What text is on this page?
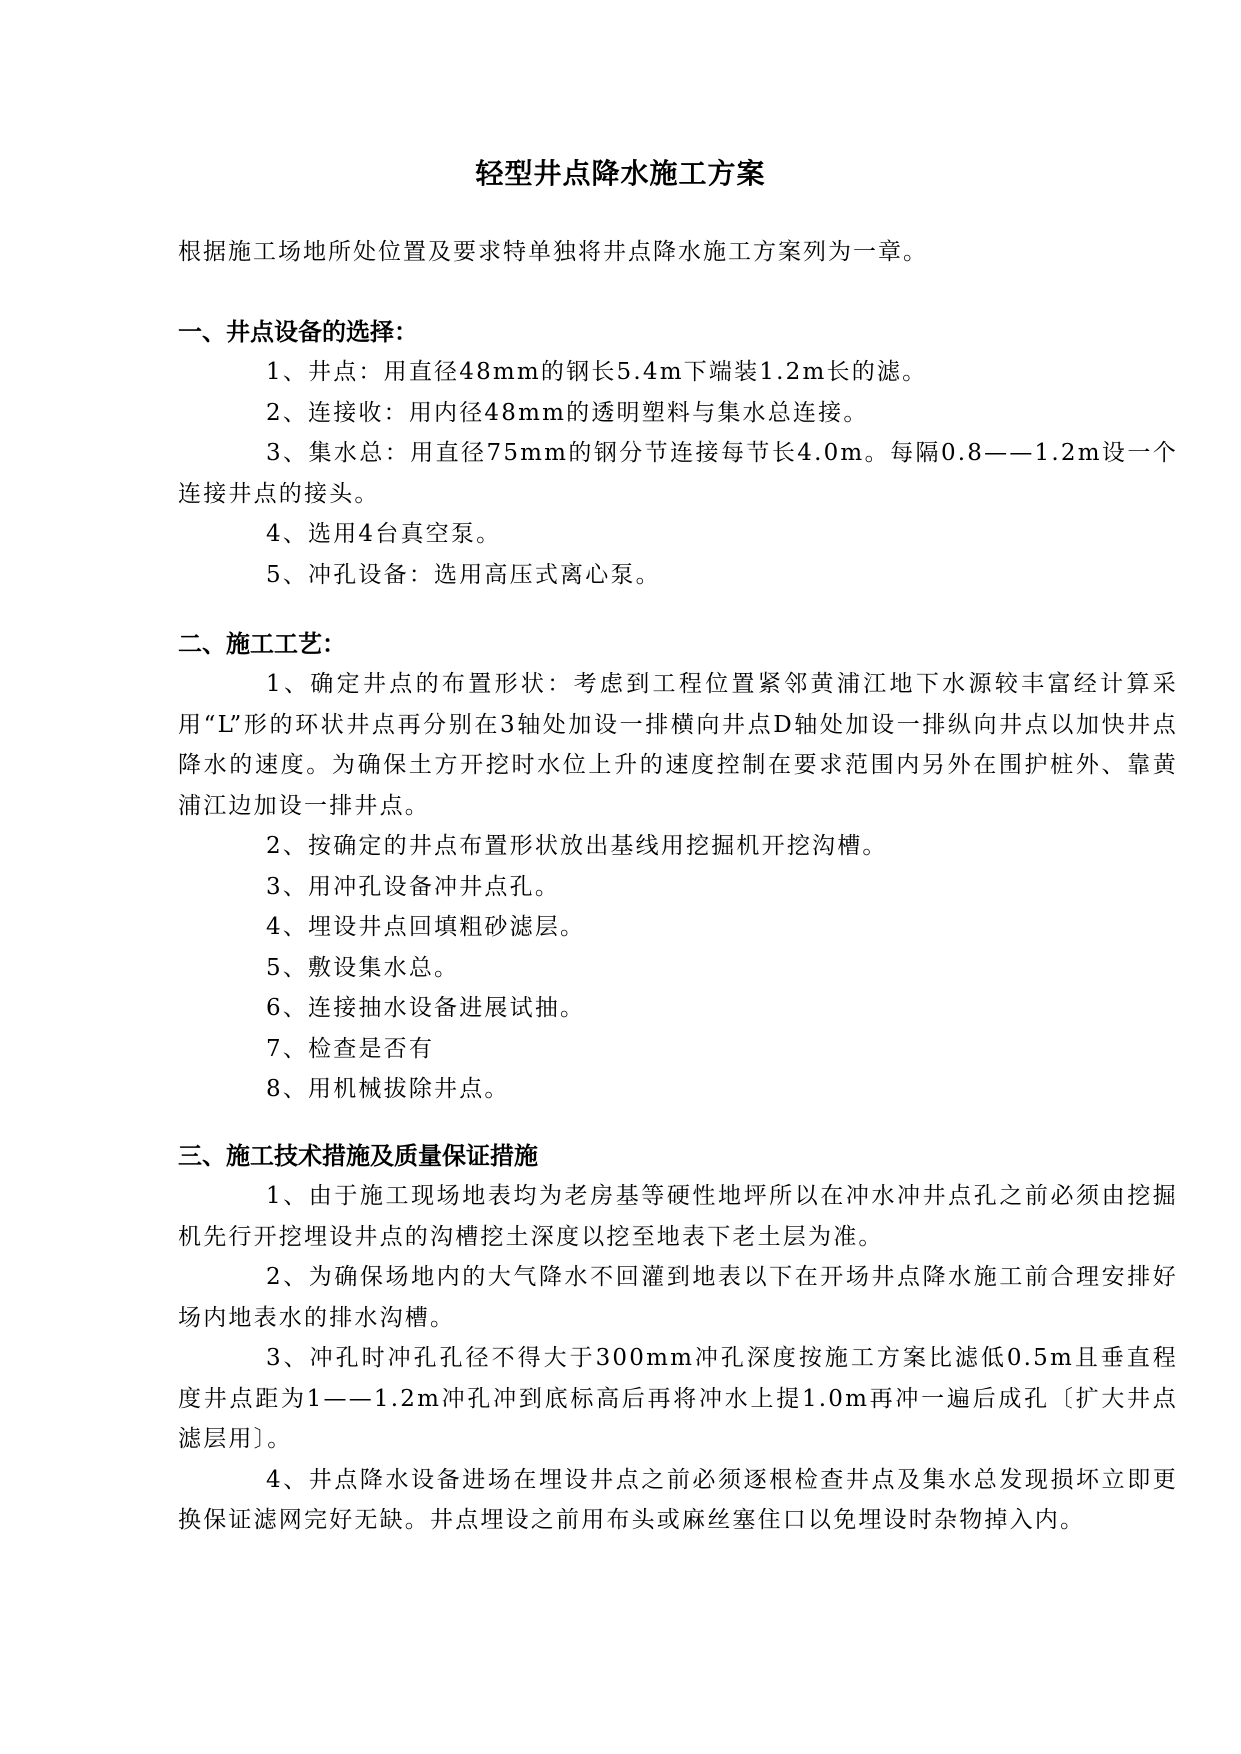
轻型井点降水施工方案
根据施工场地所处位置及要求特单独将井点降水施工方案列为一章。
一、井点设备的选择：
1、井点：用直径48mm的钢长5.4m下端装1.2m长的滤。
2、连接收：用内径48mm的透明塑料与集水总连接。
3、集水总：用直径75mm的钢分节连接每节长4.0m。每隔0.8——1.2m设一个连接井点的接头。
4、选用4台真空泵。
5、冲孔设备：选用高压式离心泵。
二、施工工艺：
1、确定井点的布置形状：考虑到工程位置紧邻黄浦江地下水源较丰富经计算采用“L”形的环状井点再分别在3轴处加设一排横向井点D轴处加设一排纵向井点以加快井点降水的速度。为确保土方开挖时水位上升的速度控制在要求范围内另外在围护桩外、靠黄浦江边加设一排井点。
2、按确定的井点布置形状放出基线用挖掘机开挖沟槽。
3、用冲孔设备冲井点孔。
4、埋设井点回填粗砂滤层。
5、敷设集水总。
6、连接抽水设备进展试抽。
7、检查是否有
8、用机械拔除井点。
三、施工技术措施及质量保证措施
1、由于施工现场地表均为老房基等硬性地坪所以在冲水冲井点孔之前必须由挖掘机先行开挖埋设井点的沟槽挖土深度以挖至地表下老土层为准。
2、为确保场地内的大气降水不回灌到地表以下在开场井点降水施工前合理安排好场内地表水的排水沟槽。
3、冲孔时冲孔孔径不得大于300mm冲孔深度按施工方案比滤低0.5m且垂直程度井点距为1——1.2m冲孔冲到底标高后再将冲水上提1.0m再冲一遍后成孔〔扩大井点滤层用〕。
4、井点降水设备进场在埋设井点之前必须逐根检查井点及集水总发现损坏立即更换保证滤网完好无缺。井点埋设之前用布头或麻丝塞住口以免埋设时杂物掉入内。
